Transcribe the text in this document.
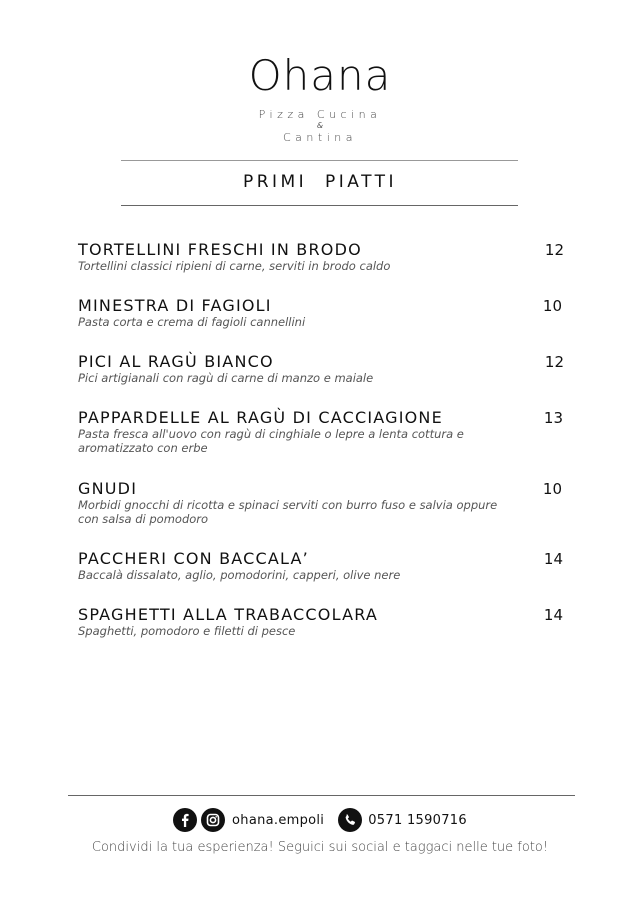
Ohana
Pizza Cucina
&
Cantina
PRIMI  PIATTI
TORTELLINI FRESCHI IN BRODO
Tortellini classici ripieni di carne, serviti in brodo caldo
12
MINESTRA DI FAGIOLI
Pasta corta e crema di fagioli cannellini
10
PICI AL RAGÙ BIANCO
Pici artigianali con ragù di carne di manzo e maiale
12
PAPPARDELLE AL RAGÙ DI CACCIAGIONE
Pasta fresca all'uovo con ragù di cinghiale o lepre a lenta cottura e aromatizzato con erbe
13
GNUDI
Morbidi gnocchi di ricotta e spinaci serviti con burro fuso e salvia oppure con salsa di pomodoro
10
PACCHERI CON BACCALA’
Baccalà dissalato, aglio, pomodorini, capperi, olive nere
14
SPAGHETTI ALLA TRABACCOLARA
Spaghetti, pomodoro e filetti di pesce
14
ohana.empoli	0571 1590716
Condividi la tua esperienza! Seguici sui social e taggaci nelle tue foto!
